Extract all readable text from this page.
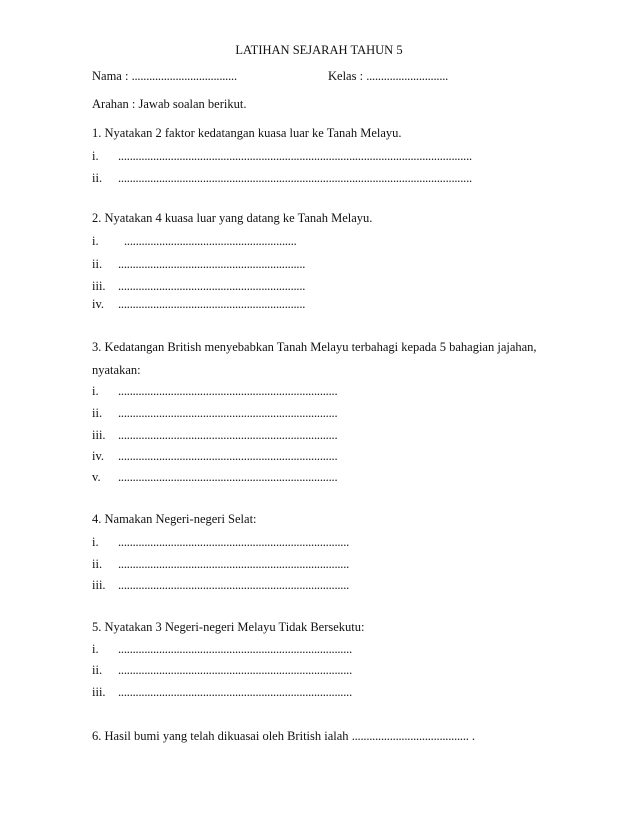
LATIHAN SEJARAH TAHUN 5
Nama : ....................................	Kelas : ............................
Arahan : Jawab soalan berikut.
1. Nyatakan 2 faktor kedatangan kuasa luar ke Tanah Melayu.
i. .........................................................................................................................
ii. .........................................................................................................................
2. Nyatakan 4 kuasa luar yang datang ke Tanah Melayu.
i. ...........................................................
ii. ................................................................
iii. ................................................................
iv. ................................................................
3. Kedatangan British menyebabkan Tanah Melayu terbahagi kepada 5 bahagian jajahan,
nyatakan:
i. ...........................................................................
ii. ...........................................................................
iii. ...........................................................................
iv. ...........................................................................
v. ...........................................................................
4. Namakan Negeri-negeri Selat:
i. ...............................................................................
ii. ...............................................................................
iii. ...............................................................................
5. Nyatakan 3 Negeri-negeri Melayu Tidak Bersekutu:
i. ................................................................................
ii. ................................................................................
iii. ................................................................................
6. Hasil bumi yang telah dikuasai oleh British ialah ........................................ .
